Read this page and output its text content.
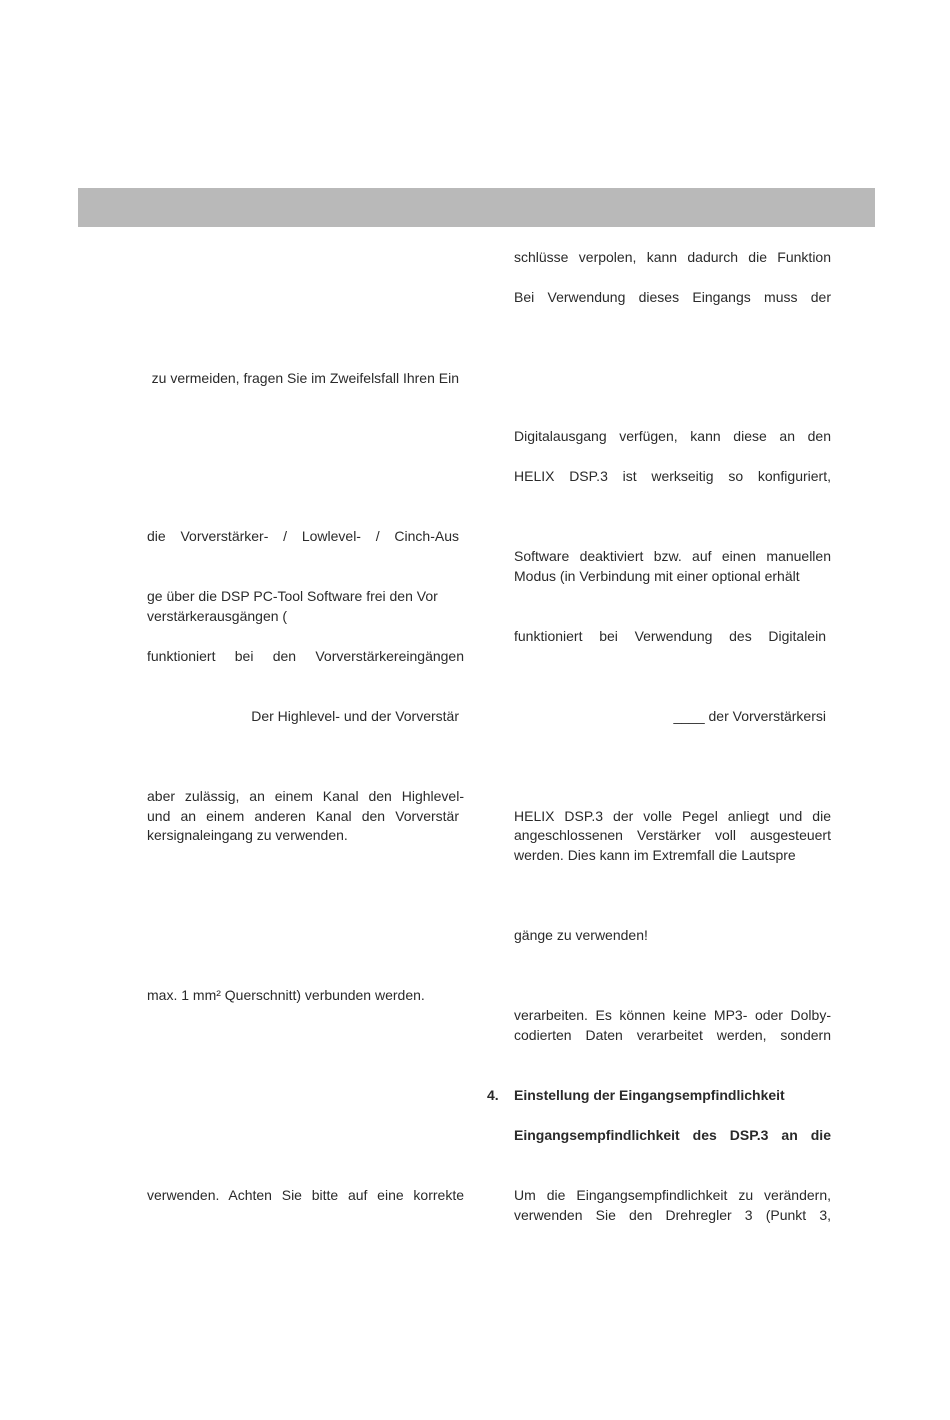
zu vermeiden, fragen Sie im Zweifelsfall Ihren Ein
die Vorverstärker- / Lowlevel- / Cinch-Aus
ge über die DSP PC-Tool Software frei den Vor
verstärkerausgängen (
funktioniert bei den Vorverstärkereingängen
Der Highlevel- und der Vorverstär
aber zulässig, an einem Kanal den Highlevel-
und an einem anderen Kanal den Vorverstär
kersignaleingang zu verwenden.
max. 1 mm² Querschnitt) verbunden werden.
verwenden. Achten Sie bitte auf eine korrekte
schlüsse verpolen, kann dadurch die Funktion
Bei Verwendung dieses Eingangs muss der
Digitalausgang verfügen, kann diese an den
HELIX DSP.3 ist werkseitig so konfiguriert,
Software deaktiviert bzw. auf einen manuellen
Modus (in Verbindung mit einer optional erhält
funktioniert bei Verwendung des Digitalein
____ der Vorverstärkersi
HELIX DSP.3 der volle Pegel anliegt und die
angeschlossenen Verstärker voll ausgesteuert
werden. Dies kann im Extremfall die Lautspre
gänge zu verwenden!
verarbeiten. Es können keine MP3- oder Dolby-
codierten Daten verarbeitet werden, sondern
4.	Einstellung der Eingangsempfindlichkeit
Eingangsempfindlichkeit des DSP.3 an die
Um die Eingangsempfindlichkeit zu verändern,
verwenden Sie den Drehregler 3 (Punkt 3,
